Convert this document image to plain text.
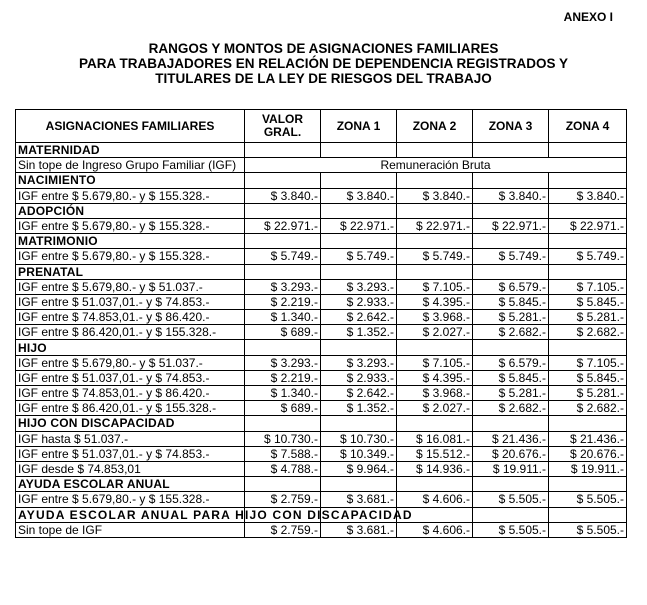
ANEXO I
RANGOS Y MONTOS DE ASIGNACIONES FAMILIARES
PARA TRABAJADORES EN RELACIÓN DE DEPENDENCIA REGISTRADOS Y
TITULARES DE LA LEY DE RIESGOS DEL TRABAJO
ASIGNACIONES FAMILIARES	VALOR GRAL.	ZONA 1	ZONA 2	ZONA 3	ZONA 4
MATERNIDAD					
Sin tope de Ingreso Grupo Familiar (IGF)	Remuneración Bruta				
NACIMIENTO					
IGF entre $ 5.679,80.- y $ 155.328.-	$ 3.840.-	$ 3.840.-	$ 3.840.-	$ 3.840.-	$ 3.840.-
ADOPCIÓN					
IGF entre $ 5.679,80.- y $ 155.328.-	$ 22.971.-	$ 22.971.-	$ 22.971.-	$ 22.971.-	$ 22.971.-
MATRIMONIO					
IGF entre $ 5.679,80.- y $ 155.328.-	$ 5.749.-	$ 5.749.-	$ 5.749.-	$ 5.749.-	$ 5.749.-
PRENATAL					
IGF entre $ 5.679,80.- y $ 51.037.-	$ 3.293.-	$ 3.293.-	$ 7.105.-	$ 6.579.-	$ 7.105.-
IGF entre $ 51.037,01.- y $ 74.853.-	$ 2.219.-	$ 2.933.-	$ 4.395.-	$ 5.845.-	$ 5.845.-
IGF entre $ 74.853,01.- y $ 86.420.-	$ 1.340.-	$ 2.642.-	$ 3.968.-	$ 5.281.-	$ 5.281.-
IGF entre $ 86.420,01.- y $ 155.328.-	$ 689.-	$ 1.352.-	$ 2.027.-	$ 2.682.-	$ 2.682.-
HIJO					
IGF entre $ 5.679,80.- y $ 51.037.-	$ 3.293.-	$ 3.293.-	$ 7.105.-	$ 6.579.-	$ 7.105.-
IGF entre $ 51.037,01.- y $ 74.853.-	$ 2.219.-	$ 2.933.-	$ 4.395.-	$ 5.845.-	$ 5.845.-
IGF entre $ 74.853,01.- y $ 86.420.-	$ 1.340.-	$ 2.642.-	$ 3.968.-	$ 5.281.-	$ 5.281.-
IGF entre $ 86.420,01.- y $ 155.328.-	$ 689.-	$ 1.352.-	$ 2.027.-	$ 2.682.-	$ 2.682.-
HIJO CON DISCAPACIDAD					
IGF hasta $ 51.037.-	$ 10.730.-	$ 10.730.-	$ 16.081.-	$ 21.436.-	$ 21.436.-
IGF entre $ 51.037,01.- y $ 74.853.-	$ 7.588.-	$ 10.349.-	$ 15.512.-	$ 20.676.-	$ 20.676.-
IGF desde $ 74.853,01	$ 4.788.-	$ 9.964.-	$ 14.936.-	$ 19.911.-	$ 19.911.-
AYUDA ESCOLAR ANUAL					
IGF entre $ 5.679,80.- y $ 155.328.-	$ 2.759.-	$ 3.681.-	$ 4.606.-	$ 5.505.-	$ 5.505.-
AYUDA ESCOLAR ANUAL PARA HIJO CON DISCAPACIDAD					
Sin tope de IGF	$ 2.759.-	$ 3.681.-	$ 4.606.-	$ 5.505.-	$ 5.505.-
